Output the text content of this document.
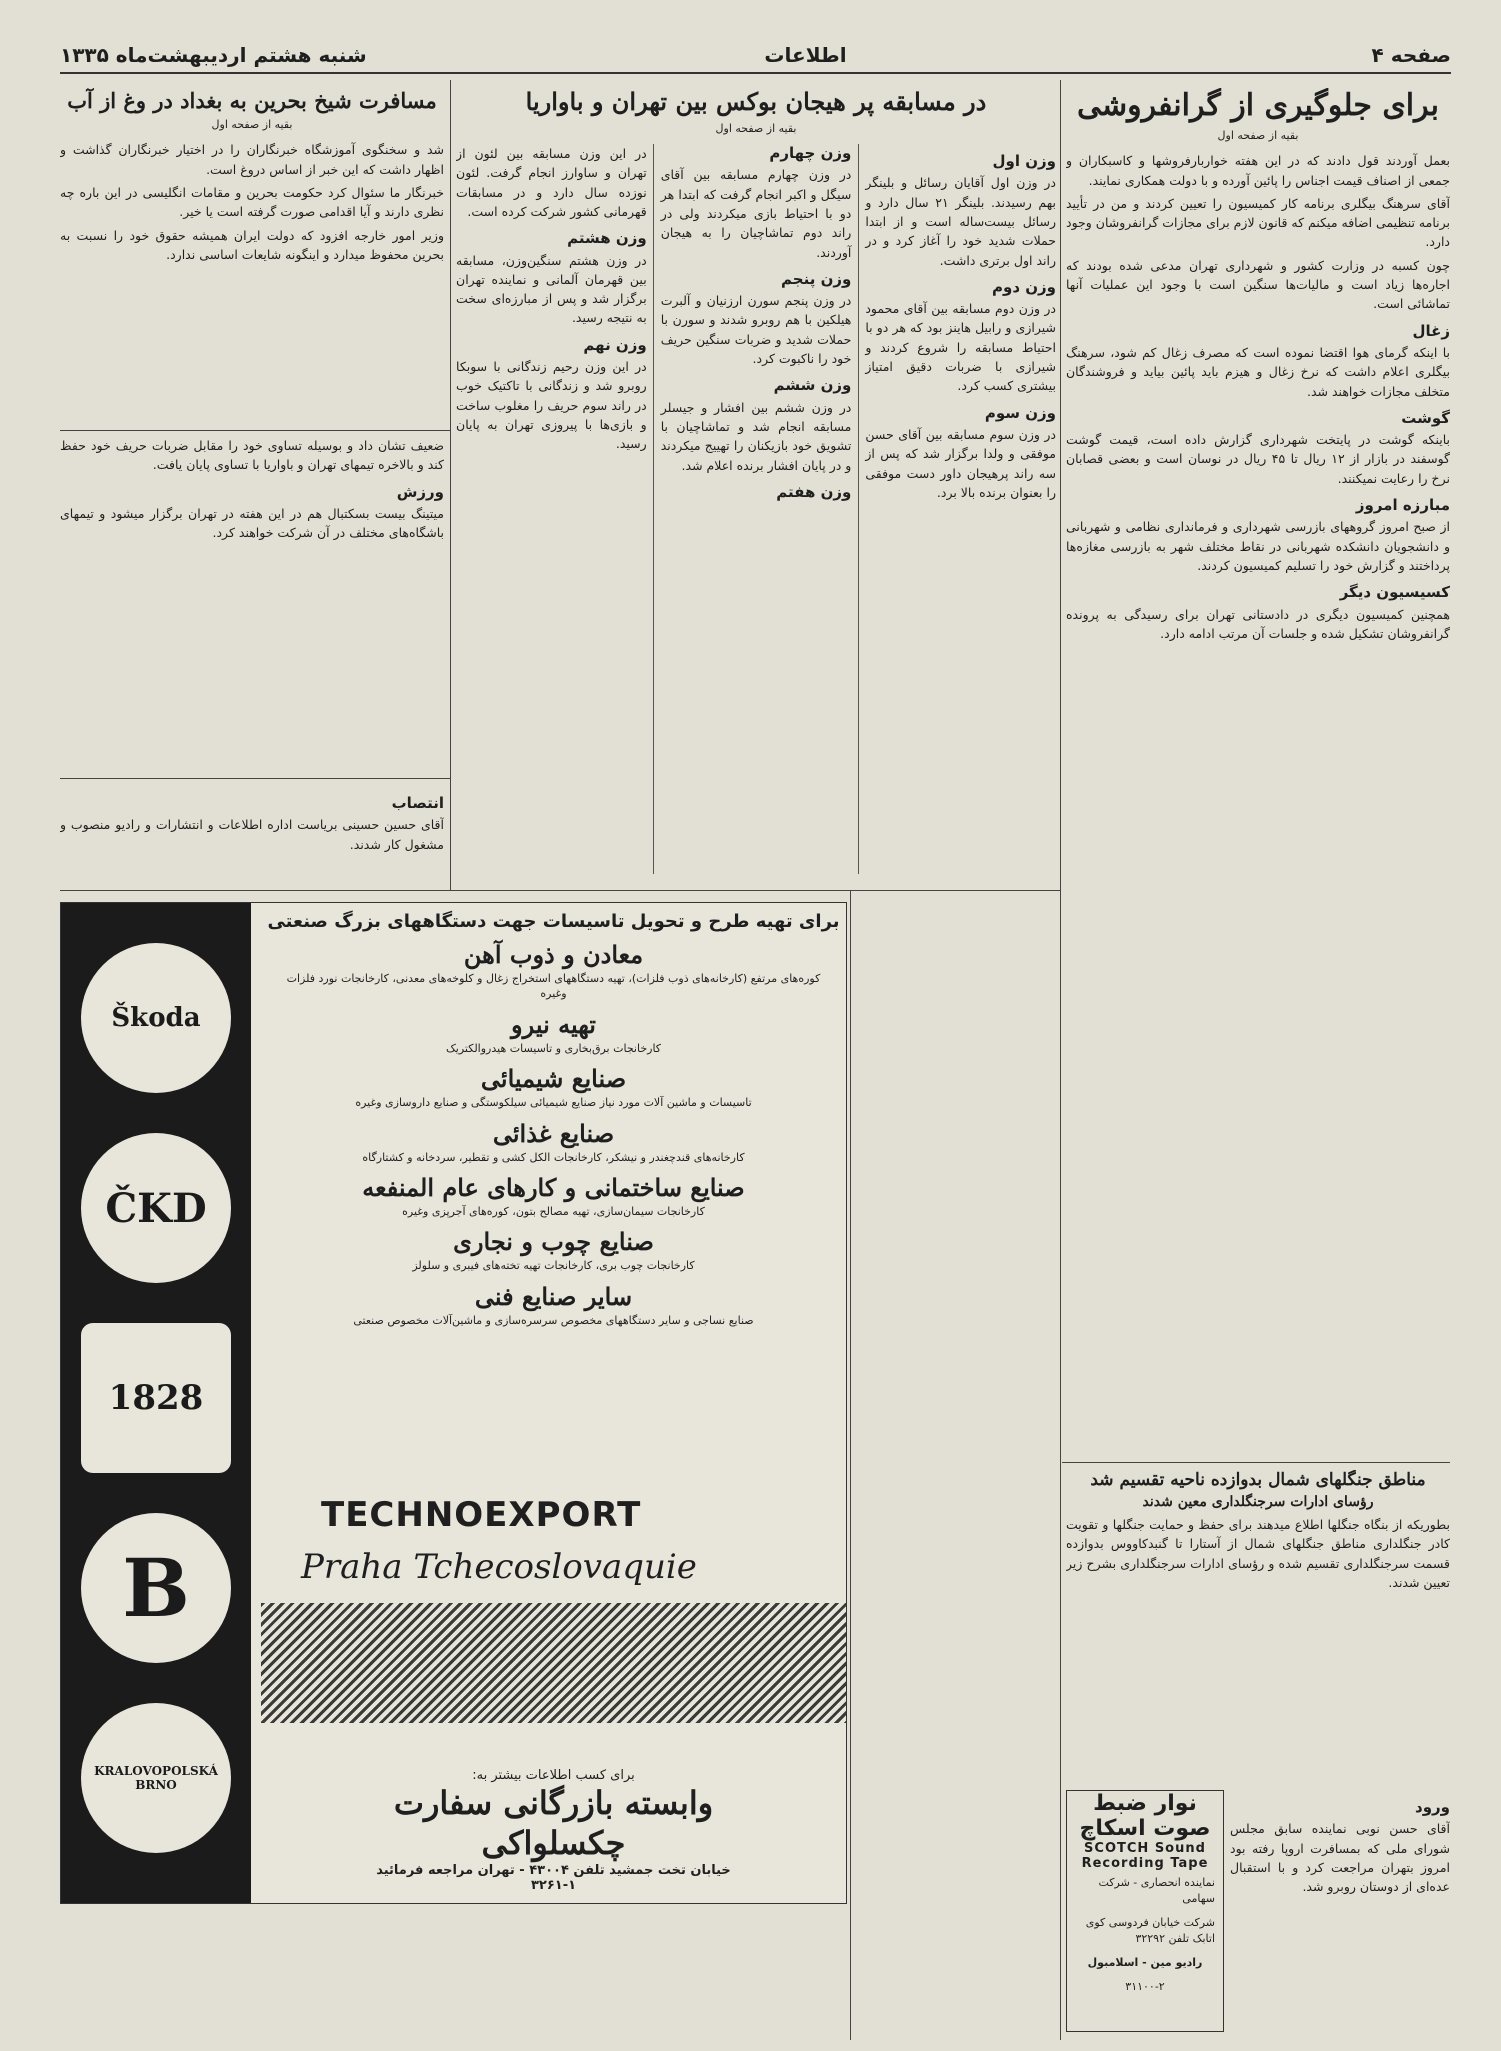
صفحه ۴
اطلاعات
شنبه هشتم اردیبهشت‌ماه ۱۳۳۵
برای جلوگیری از گرانفروشی
بقیه از صفحه اول

بعمل آوردند قول دادند که در این هفته خواربارفروشها و کاسبکاران و جمعی از اصناف قیمت اجناس را پائین آورده و با دولت همکاری نمایند.

آقای سرهنگ بیگلری برنامه کار کمیسیون را تعیین کردند و من در تأیید برنامه تنظیمی اضافه میکنم که قانون لازم برای مجازات گرانفروشان وجود دارد.

چون کسبه در وزارت کشور و شهرداری تهران مدعی شده بودند که اجاره‌ها زیاد است و مالیات‌ها سنگین است با وجود این عملیات آنها تماشائی است.

زغال

با اینکه گرمای هوا اقتضا نموده است که مصرف زغال کم شود، سرهنگ بیگلری اعلام داشت که نرخ زغال و هیزم باید پائین بیاید و فروشندگان متخلف مجازات خواهند شد.

گوشت

باینکه گوشت در پایتخت شهرداری گزارش داده است، قیمت گوشت گوسفند در بازار از ۱۲ ریال تا ۴۵ ریال در نوسان است و بعضی قصابان نرخ را رعایت نمیکنند.

مبارزه امروز

از صبح امروز گروههای بازرسی شهرداری و فرمانداری نظامی و شهربانی و دانشجویان دانشکده شهربانی در نقاط مختلف شهر به بازرسی مغازه‌ها پرداختند و گزارش خود را تسلیم کمیسیون کردند.

کسیسیون دیگر

همچنین کمیسیون دیگری در دادستانی تهران برای رسیدگی به پرونده گرانفروشان تشکیل شده و جلسات آن مرتب ادامه دارد.

مناطق جنگلهای شمال بدوازده ناحیه تقسیم شد
رؤسای ادارات سرجنگلداری معین شدند

بطوریکه از بنگاه جنگلها اطلاع میدهند برای حفظ و حمایت جنگلها و تقویت کادر جنگلداری مناطق جنگلهای شمال از آستارا تا گنبدکاووس بدوازده قسمت سرجنگلداری تقسیم شده و رؤسای ادارات سرجنگلداری بشرح زیر تعیین شدند.

ورود

آقای حسن نوبی نماینده سابق مجلس شورای ملی که بمسافرت اروپا رفته بود امروز بتهران مراجعت کرد و با استقبال عده‌ای از دوستان روبرو شد.

نوار ضبط صوت اسکاچ
SCOTCH Sound Recording Tape
نماینده انحصاری - شرکت سهامی
شرکت خیابان فردوسی کوی اتابک تلفن ۳۲۲۹۲
رادیو مین - اسلامبول
۳۱۱۰۰-۲
در مسابقه پر هیجان بوکس بین تهران و باواریا
بقیه از صفحه اول
وزن اول

در وزن اول آقایان رسائل و بلینگر بهم رسیدند. بلینگر ۲۱ سال دارد و رسائل بیست‌ساله است و از ابتدا حملات شدید خود را آغاز کرد و در راند اول برتری داشت.

وزن دوم

در وزن دوم مسابقه بین آقای محمود شیرازی و رابیل هاینز بود که هر دو با احتیاط مسابقه را شروع کردند و شیرازی با ضربات دقیق امتیاز بیشتری کسب کرد.

وزن سوم

در وزن سوم مسابقه بین آقای حسن موفقی و ولدا برگزار شد که پس از سه راند پرهیجان داور دست موفقی را بعنوان برنده بالا برد.

وزن چهارم

در وزن چهارم مسابقه بین آقای سیگل و اکبر انجام گرفت که ابتدا هر دو با احتیاط بازی میکردند ولی در راند دوم تماشاچیان را به هیجان آوردند.

وزن پنجم

در وزن پنجم سورن ارزنیان و آلبرت هیلکین با هم روبرو شدند و سورن با حملات شدید و ضربات سنگین حریف خود را ناکبوت کرد.

وزن ششم

در وزن ششم بین افشار و جیسلر مسابقه انجام شد و تماشاچیان با تشویق خود بازیکنان را تهییج میکردند و در پایان افشار برنده اعلام شد.

وزن هفتم

در این وزن مسابقه بین لئون از تهران و ساوارز انجام گرفت. لئون نوزده سال دارد و در مسابقات قهرمانی کشور شرکت کرده است.

وزن هشتم

در وزن هشتم سنگین‌وزن، مسابقه بین قهرمان آلمانی و نماینده تهران برگزار شد و پس از مبارزه‌ای سخت به نتیجه رسید.

وزن نهم

در این وزن رحیم زندگانی با سوبکا روبرو شد و زندگانی با تاکتیک خوب در راند سوم حریف را مغلوب ساخت و بازی‌ها با پیروزی تهران به پایان رسید.

مسافرت شیخ بحرین به بغداد در وغ از آب
بقیه از صفحه اول

شد و سخنگوی آموزشگاه خبرنگاران را در اختیار خبرنگاران گذاشت و اظهار داشت که این خبر از اساس دروغ است.

خبرنگار ما سئوال کرد حکومت بحرین و مقامات انگلیسی در این باره چه نظری دارند و آیا اقدامی صورت گرفته است یا خیر.

وزیر امور خارجه افزود که دولت ایران همیشه حقوق خود را نسبت به بحرین محفوظ میدارد و اینگونه شایعات اساسی ندارد.

ضعیف تشان داد و بوسیله تساوی خود را مقابل ضربات حریف خود حفظ کند و بالاخره تیمهای تهران و باواریا با تساوی پایان یافت.

ورزش

میتینگ بیست بسکتبال هم در این هفته در تهران برگزار میشود و تیمهای باشگاه‌های مختلف در آن شرکت خواهند کرد.

انتصاب

آقای حسین حسینی بریاست اداره اطلاعات و انتشارات و رادیو منصوب و مشغول کار شدند.

Škoda
ČKD
1828
B
KRALOVOPOLSKÁ BRNO
برای تهیه طرح و تحویل تاسیسات جهت دستگاههای بزرگ صنعتی
معادن و ذوب آهن
کوره‌های مرتفع (کارخانه‌های ذوب فلزات)، تهیه دستگاههای استخراج زغال و کلوخه‌های معدنی، کارخانجات نورد فلزات وغیره
تهیه نیرو
کارخانجات برق‌بخاری و تاسیسات هیدروالکتریک
صنایع شیمیائی
تاسیسات و ماشین آلات مورد نیاز صنایع شیمیائی سیلکوستگی و صنایع داروسازی وغیره
صنایع غذائی
کارخانه‌های قندچغندر و نیشکر، کارخانجات الکل کشی و تقطیر، سردخانه و کشتارگاه
صنایع ساختمانی و کارهای عام المنفعه
کارخانجات سیمان‌سازی، تهیه مصالح بتون، کوره‌های آجرپزی وغیره
صنایع چوب و نجاری
کارخانجات چوب بری، کارخانجات تهیه تخته‌های فیبری و سلولز
سایر صنایع فنی
صنایع نساجی و سایر دستگاههای مخصوص سرسره‌سازی و ماشین‌آلات مخصوص صنعتی
TECHNOEXPORT
Praha Tchecoslovaquie
برای کسب اطلاعات بیشتر به:
وابسته بازرگانی سفارت
چکسلواکی
خیابان تخت جمشید تلفن ۴۳۰۰۴ - تهران مراجعه فرمائید
۳۲۶۱-۱
